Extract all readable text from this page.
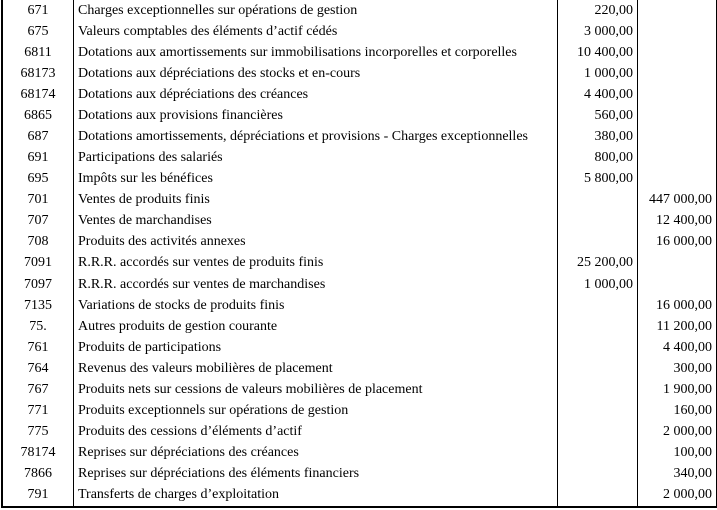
671	Charges exceptionnelles sur opérations de gestion	220,00	
675	Valeurs comptables des éléments d’actif cédés	3 000,00	
6811	Dotations aux amortissements sur immobilisations incorporelles et corporelles	10 400,00	
68173	Dotations aux dépréciations des stocks et en-cours	1 000,00	
68174	Dotations aux dépréciations des créances	4 400,00	
6865	Dotations aux provisions financières	560,00	
687	Dotations amortissements, dépréciations et provisions - Charges exceptionnelles	380,00	
691	Participations des salariés	800,00	
695	Impôts sur les bénéfices	5 800,00	
701	Ventes de produits finis		447 000,00
707	Ventes de marchandises		12 400,00
708	Produits des activités annexes		16 000,00
7091	R.R.R. accordés sur ventes de produits finis	25 200,00	
7097	R.R.R. accordés sur ventes de marchandises	1 000,00	
7135	Variations de stocks de produits finis		16 000,00
75.	Autres produits de gestion courante		11 200,00
761	Produits de participations		4 400,00
764	Revenus des valeurs mobilières de placement		300,00
767	Produits nets sur cessions de valeurs mobilières de placement		1 900,00
771	Produits exceptionnels sur opérations de gestion		160,00
775	Produits des cessions d’éléments d’actif		2 000,00
78174	Reprises sur dépréciations des créances		100,00
7866	Reprises sur dépréciations des éléments financiers		340,00
791	Transferts de charges d’exploitation		2 000,00
